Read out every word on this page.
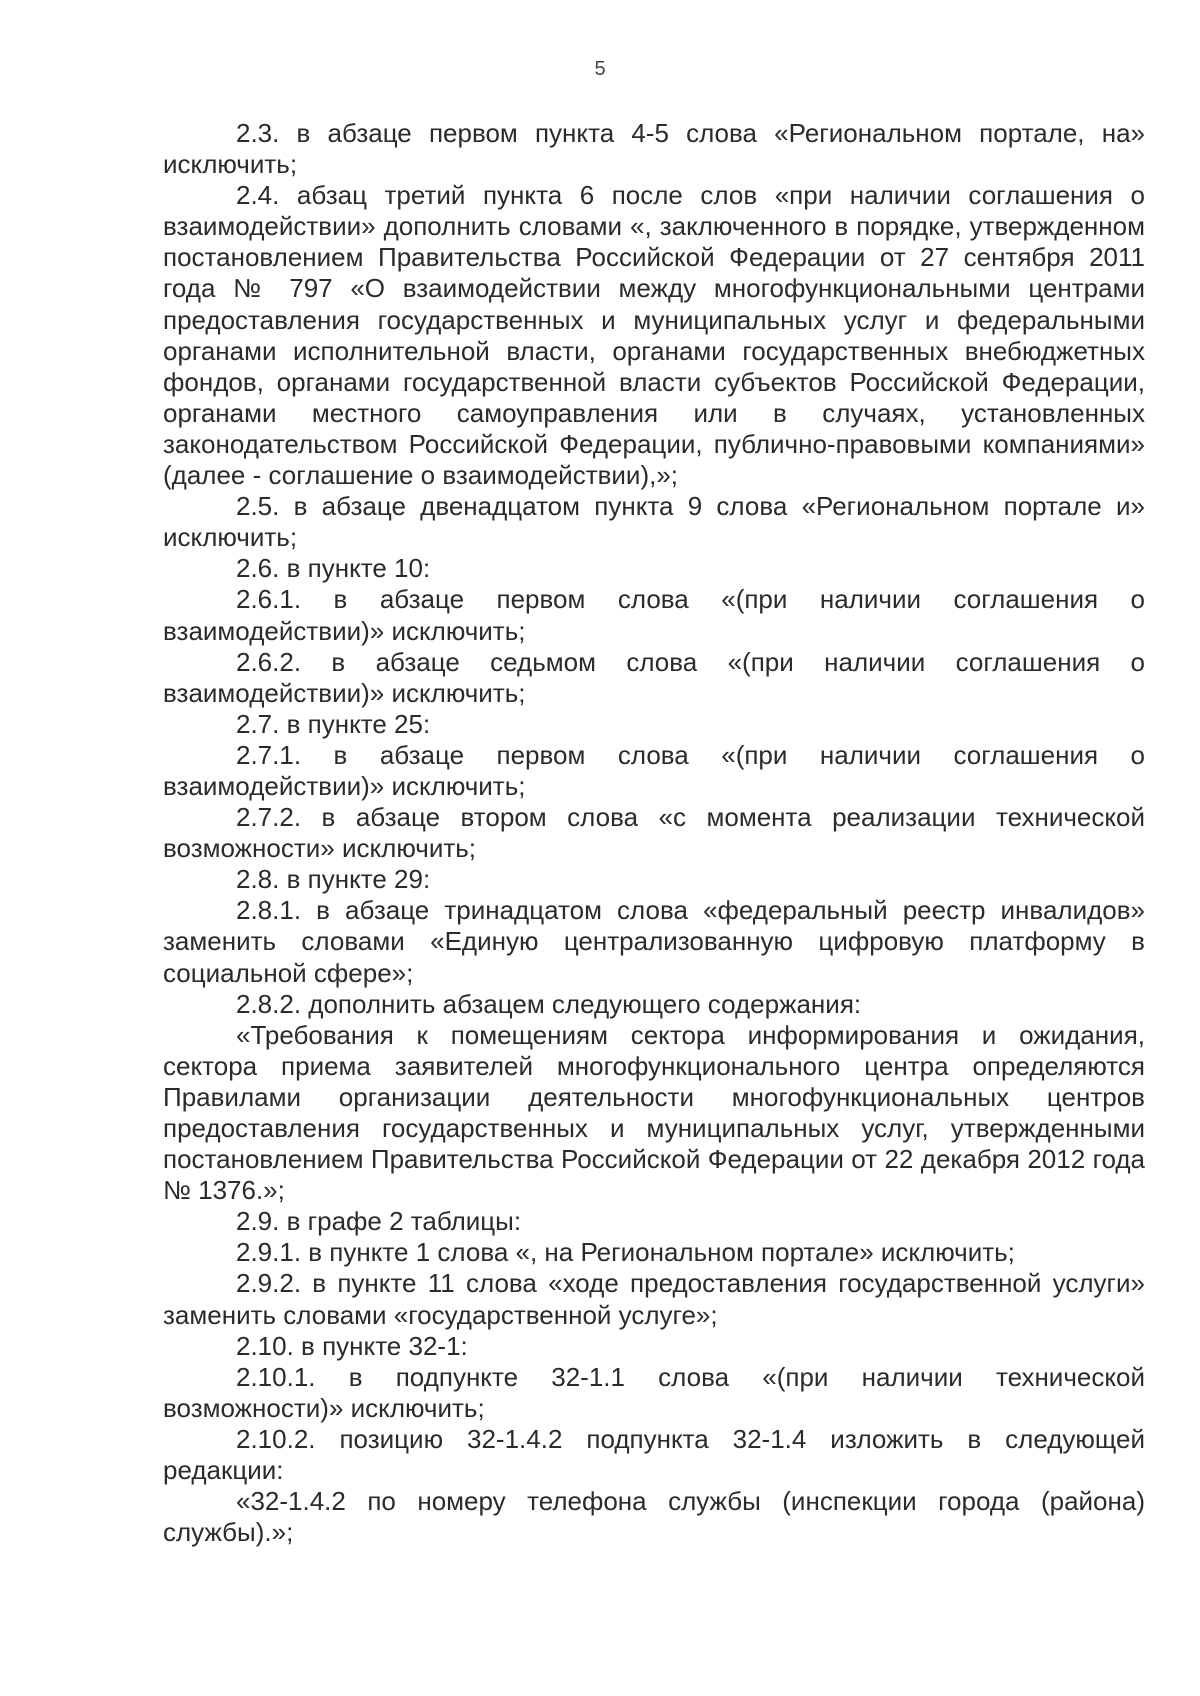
5

2.3. в абзаце первом пункта 4-5 слова «Региональном портале, на» исключить;

2.4. абзац третий пункта 6 после слов «при наличии соглашения о взаимодействии» дополнить словами «, заключенного в порядке, утвержденном постановлением Правительства Российской Федерации от 27 сентября 2011 года № 797 «О взаимодействии между многофункциональными центрами предоставления государственных и муниципальных услуг и федеральными органами исполнительной власти, органами государственных внебюджетных фондов, органами государственной власти субъектов Российской Федерации, органами местного самоуправления или в случаях, установленных законодательством Российской Федерации, публично-правовыми компаниями» (далее - соглашение о взаимодействии),»;

2.5. в абзаце двенадцатом пункта 9 слова «Региональном портале и» исключить;

2.6. в пункте 10:

2.6.1. в абзаце первом слова «(при наличии соглашения о взаимодействии)» исключить;

2.6.2. в абзаце седьмом слова «(при наличии соглашения о взаимодействии)» исключить;

2.7. в пункте 25:

2.7.1. в абзаце первом слова «(при наличии соглашения о взаимодействии)» исключить;

2.7.2. в абзаце втором слова «с момента реализации технической возможности» исключить;

2.8. в пункте 29:

2.8.1. в абзаце тринадцатом слова «федеральный реестр инвалидов» заменить словами «Единую централизованную цифровую платформу в социальной сфере»;

2.8.2. дополнить абзацем следующего содержания:

«Требования к помещениям сектора информирования и ожидания, сектора приема заявителей многофункционального центра определяются Правилами организации деятельности многофункциональных центров предоставления государственных и муниципальных услуг, утвержденными постановлением Правительства Российской Федерации от 22 декабря 2012 года № 1376.»;

2.9. в графе 2 таблицы:

2.9.1. в пункте 1 слова «, на Региональном портале» исключить;

2.9.2. в пункте 11 слова «ходе предоставления государственной услуги» заменить словами «государственной услуге»;

2.10. в пункте 32-1:

2.10.1. в подпункте 32-1.1 слова «(при наличии технической возможности)» исключить;

2.10.2. позицию 32-1.4.2 подпункта 32-1.4 изложить в следующей редакции:

«32-1.4.2 по номеру телефона службы (инспекции города (района) службы).»;
